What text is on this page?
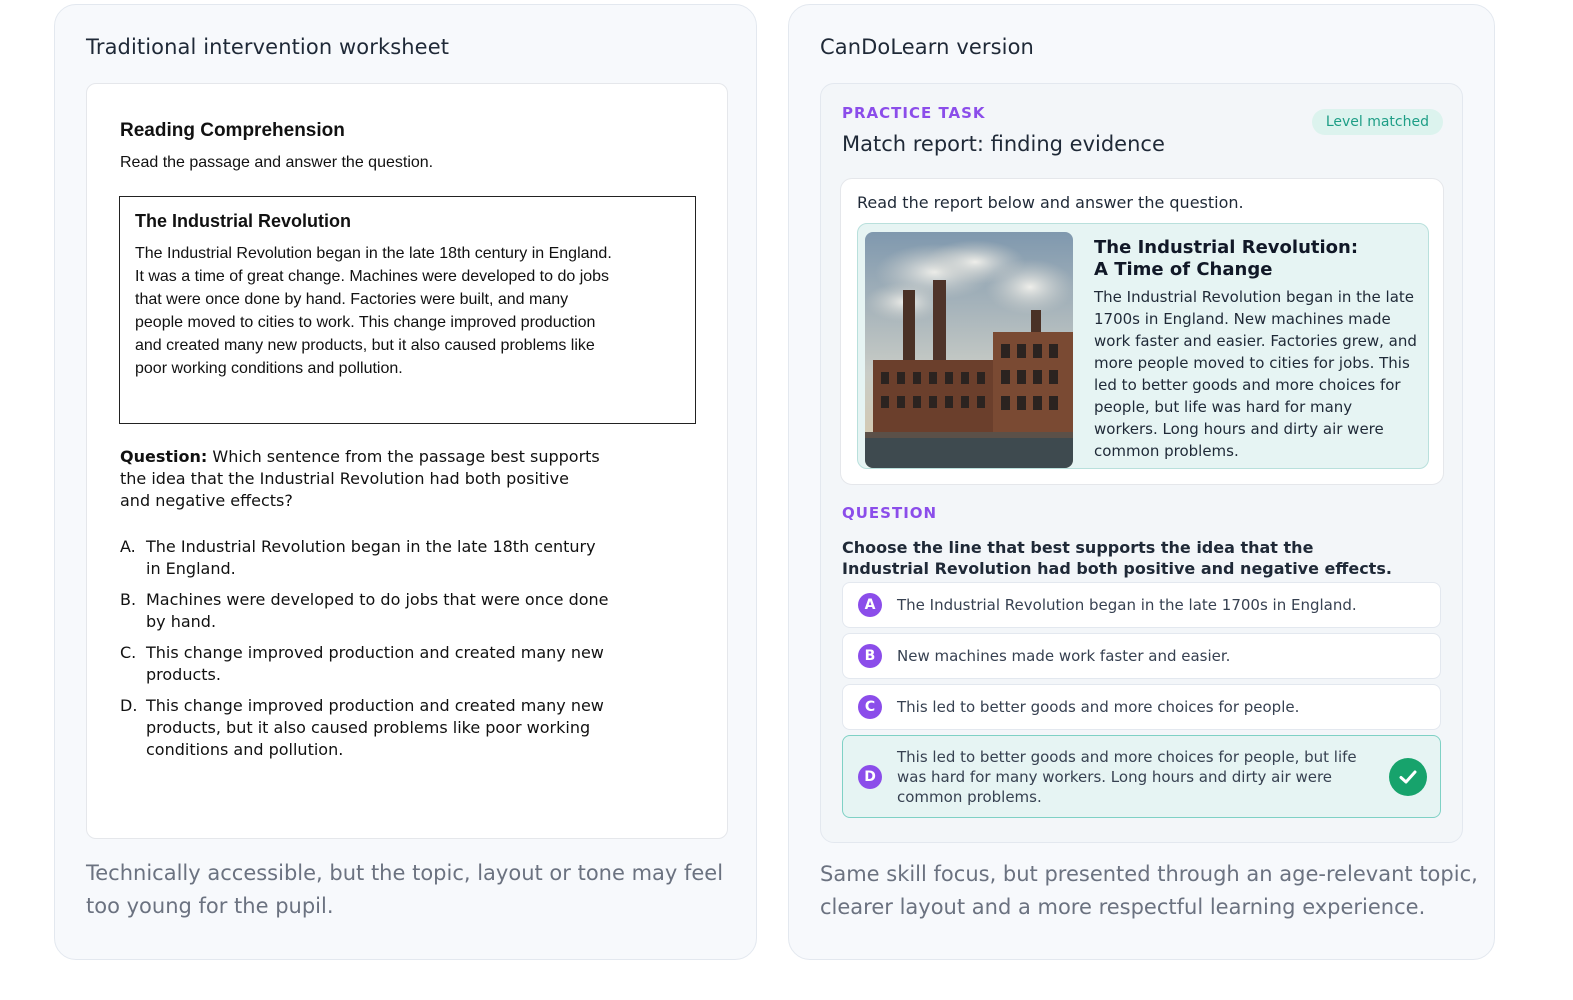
Traditional intervention worksheet
Reading Comprehension
Read the passage and answer the question.
The Industrial Revolution
The Industrial Revolution began in the late 18th century in England. It was a time of great change. Machines were developed to do jobs that were once done by hand. Factories were built, and many people moved to cities to work. This change improved production and created many new products, but it also caused problems like poor working conditions and pollution.
Question: Which sentence from the passage best supports the idea that the Industrial Revolution had both positive and negative effects?
A. The Industrial Revolution began in the late 18th century in England.
B. Machines were developed to do jobs that were once done by hand.
C. This change improved production and created many new products.
D. This change improved production and created many new products, but it also caused problems like poor working conditions and pollution.
Technically accessible, but the topic, layout or tone may feel too young for the pupil.
CanDoLearn version
PRACTICE TASK	Level matched
Match report: finding evidence
Read the report below and answer the question.
The Industrial Revolution:
A Time of Change
The Industrial Revolution began in the late 1700s in England. New machines made work faster and easier. Factories grew, and more people moved to cities for jobs. This led to better goods and more choices for people, but life was hard for many workers. Long hours and dirty air were common problems.
QUESTION
Choose the line that best supports the idea that the Industrial Revolution had both positive and negative effects.
A	The Industrial Revolution began in the late 1700s in England.
B	New machines made work faster and easier.
C	This led to better goods and more choices for people.
D
This led to better goods and more choices for people, but life was hard for many workers. Long hours and dirty air were common problems.
Same skill focus, but presented through an age-relevant topic, clearer layout and a more respectful learning experience.
